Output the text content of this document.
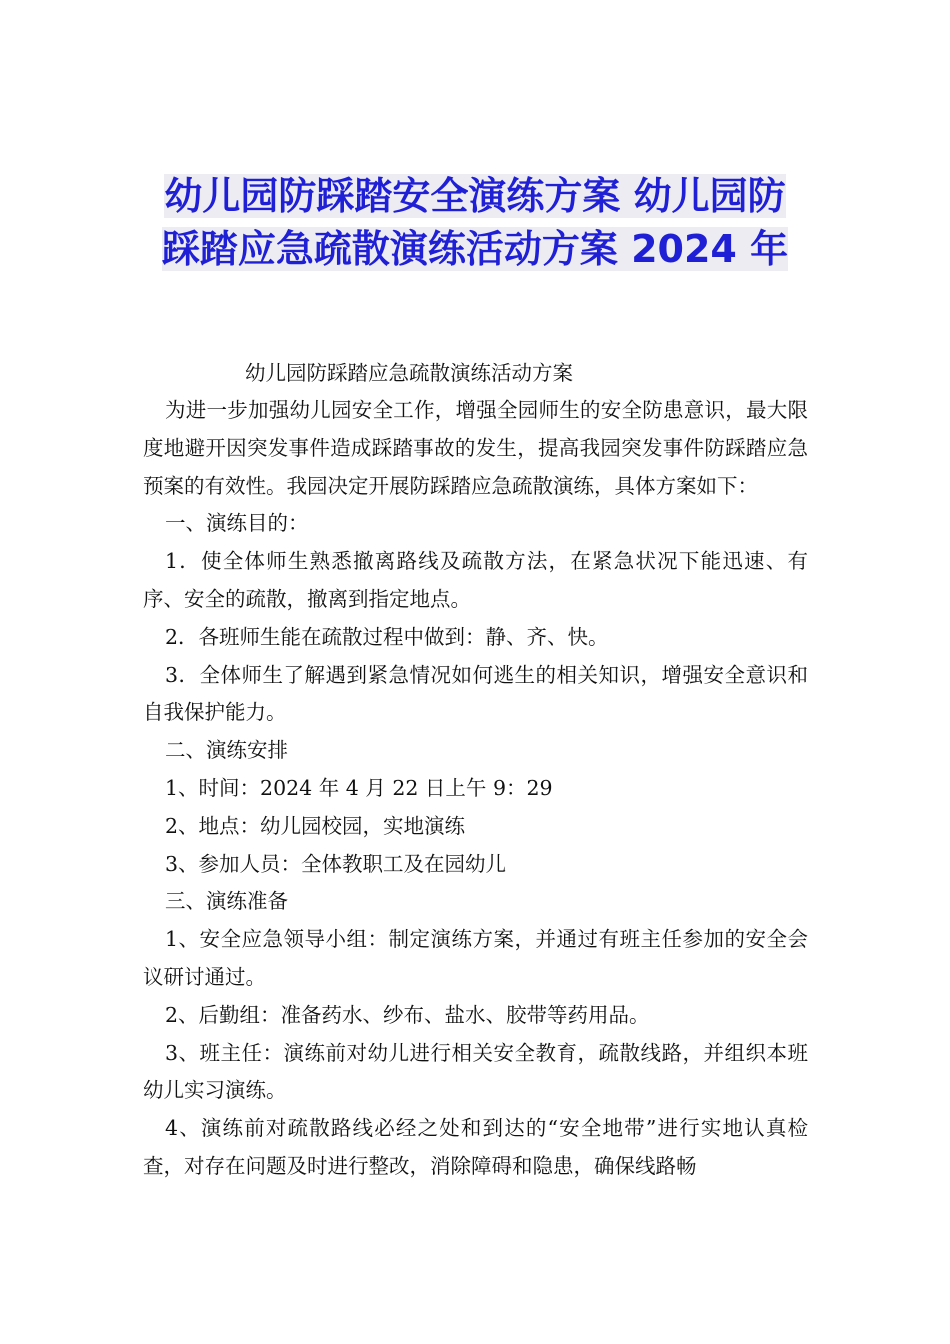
幼儿园防踩踏安全演练方案 幼儿园防
踩踏应急疏散演练活动方案 2024 年

幼儿园防踩踏应急疏散演练活动方案

为进一步加强幼儿园安全工作，增强全园师生的安全防患意识，最大限度地避开因突发事件造成踩踏事故的发生，提高我园突发事件防踩踏应急预案的有效性。我园决定开展防踩踏应急疏散演练，具体方案如下：

一、演练目的：

1．使全体师生熟悉撤离路线及疏散方法，在紧急状况下能迅速、有序、安全的疏散，撤离到指定地点。

2．各班师生能在疏散过程中做到：静、齐、快。

3．全体师生了解遇到紧急情况如何逃生的相关知识，增强安全意识和自我保护能力。

二、演练安排

1、时间：2024 年 4 月 22 日上午 9：29

2、地点：幼儿园校园，实地演练

3、参加人员：全体教职工及在园幼儿

三、演练准备

1、安全应急领导小组：制定演练方案，并通过有班主任参加的安全会议研讨通过。

2、后勤组：准备药水、纱布、盐水、胶带等药用品。

3、班主任：演练前对幼儿进行相关安全教育，疏散线路，并组织本班幼儿实习演练。

4、演练前对疏散路线必经之处和到达的“安全地带”进行实地认真检查，对存在问题及时进行整改，消除障碍和隐患，确保线路畅
